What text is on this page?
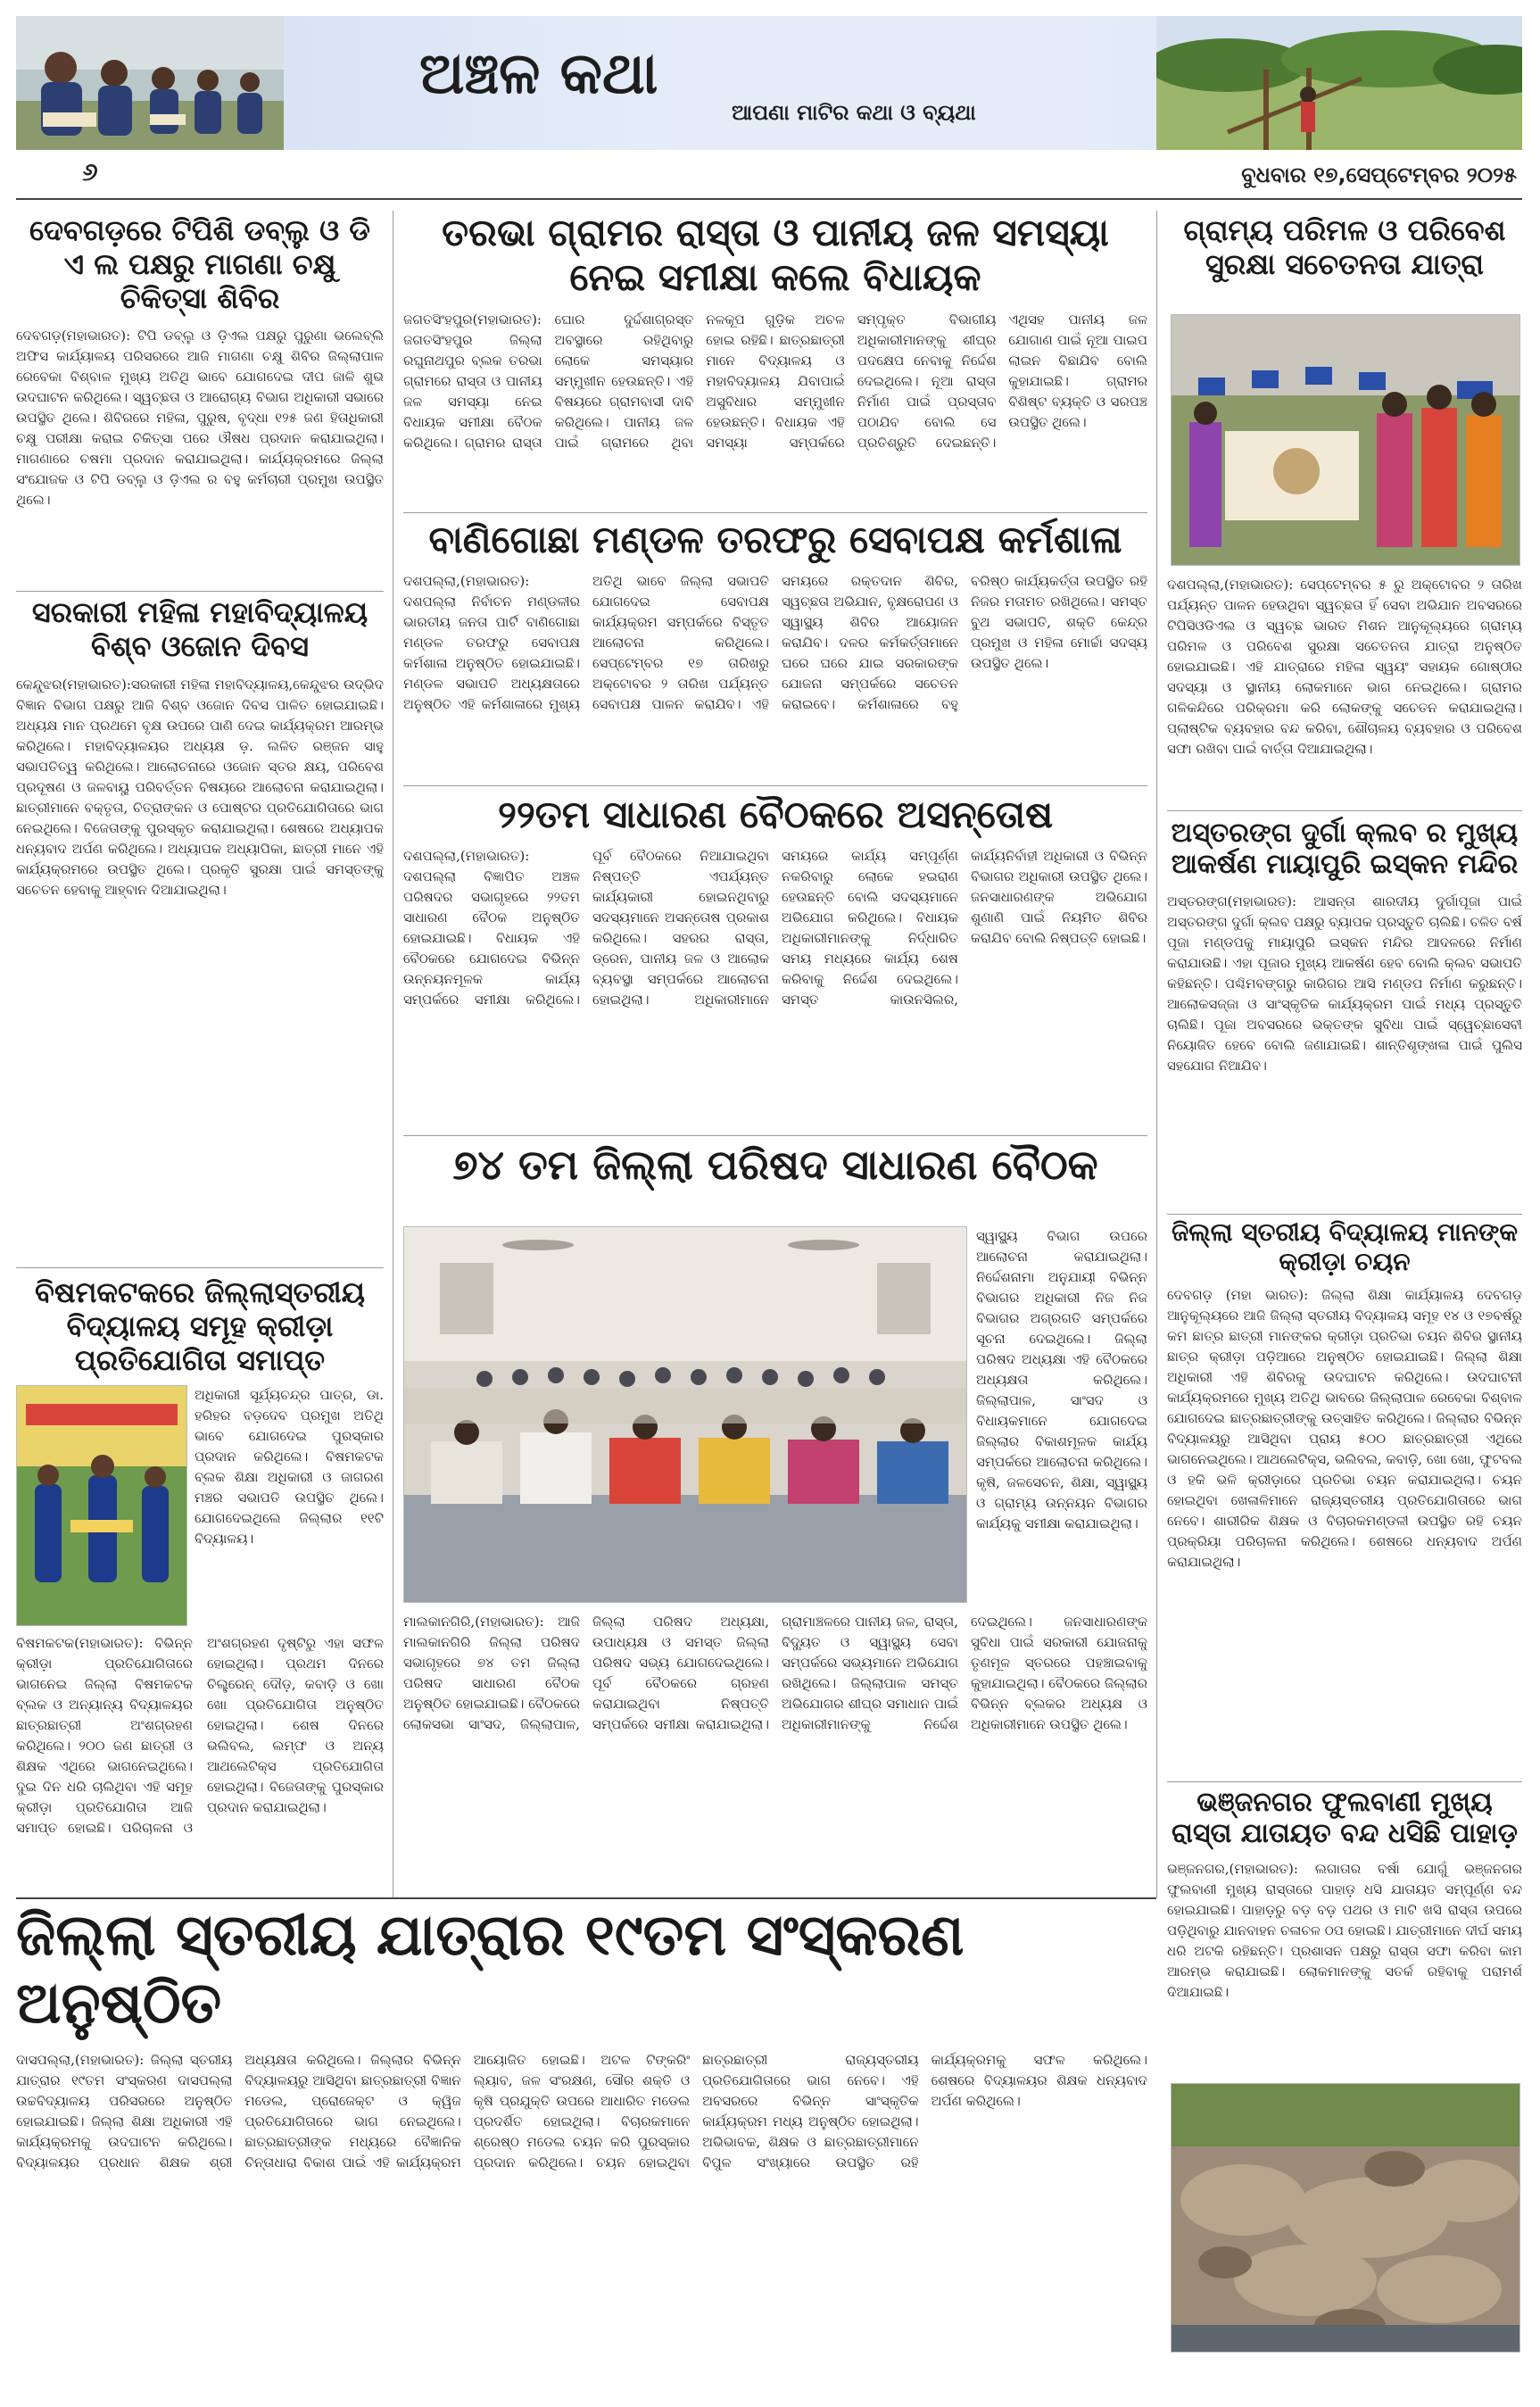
ଅଞ୍ଚଳ କଥା
ଆପଣା ମାଟିର କଥା ଓ ବ୍ୟଥା
୬	ବୁଧବାର ୧୭,ସେପ୍ଟେମ୍ବର ୨୦୨୫
ଦେବଗଡ଼ରେ ଟିପିଶି ଡବ୍ଲୁ ଓ ଡି ଏ ଲ ପକ୍ଷରୁ ମାଗଣା ଚକ୍ଷୁ ଚିକିତ୍ସା ଶିବିର

ଦେବଗଡ଼(ମହାଭାରତ): ଟିପି ଡବ୍ଲୁ ଓ ଡ଼ିଏଲ ପକ୍ଷରୁ ପୁରୁଣା ଭଲେବ୍ଲି ଅଫିସ କାର୍ଯ୍ୟାଳୟ ପରିସରରେ ଆଜି ମାଗଣା ଚକ୍ଷୁ ଶିବିର ଜିଲ୍ଲାପାଳ ରେବେକା ବିଶ୍ବାଳ ମୁଖ୍ୟ ଅତିଥି ଭାବେ ଯୋଗଦେଇ ଦୀପ ଜାଳି ଶୁଭ ଉଦଘାଟନ କରିଥିଲେ। ସ୍ୱଚ୍ଛତା ଓ ଆରୋଗ୍ୟ ବିଭାଗ ଅଧିକାରୀ ସଭାରେ ଉପସ୍ଥିତ ଥିଲେ। ଶିବିରରେ ମହିଳା, ପୁରୁଷ, ବୃଦ୍ଧା ୧୨୫ ଜଣ ହିତାଧିକାରୀ ଚକ୍ଷୁ ପରୀକ୍ଷା କରାଇ ଚିକିତ୍ସା ପରେ ଔଷଧ ପ୍ରଦାନ କରାଯାଇଥିଲା। ମାଗଣାରେ ଚଷମା ପ୍ରଦାନ କରାଯାଇଥିଲା। କାର୍ଯ୍ୟକ୍ରମରେ ଜିଲ୍ଲା ସଂଯୋଜକ ଓ ଟିପି ଡବ୍ଲୁ ଓ ଡ଼ିଏଲ ର ବହୁ କର୍ମଚାରୀ ପ୍ରମୁଖ ଉପସ୍ଥିତ ଥିଲେ।

ସରକାରୀ ମହିଳା ମହାବିଦ୍ୟାଳୟ ବିଶ୍ବ ଓଜୋନ ଦିବସ

କେନ୍ଦୁଝର(ମହାଭାରତ):ସରକାରୀ ମହିଳା ମହାବିଦ୍ୟାଳୟ,କେନ୍ଦୁଝର ଉଦ୍ଭିଦ ବିଜ୍ଞାନ ବିଭାଗ ପକ୍ଷରୁ ଆଜି ବିଶ୍ବ ଓଜୋନ ଦିବସ ପାଳିତ ହୋଇଯାଇଛି। ଅଧ୍ୟକ୍ଷ ମାନ ପ୍ରଥମେ ବୃକ୍ଷ ଉପରେ ପାଣି ଦେଇ କାର୍ଯ୍ୟକ୍ରମ ଆରମ୍ଭ କରିଥିଲେ। ମହାବିଦ୍ୟାଳୟର ଅଧ୍ୟକ୍ଷ ଡ଼. ଲଳିତ ରଞ୍ଜନ ସାହୁ ସଭାପତିତ୍ୱ କରିଥିଲେ। ଆଲୋଚନାରେ ଓଜୋନ ସ୍ତର କ୍ଷୟ, ପରିବେଶ ପ୍ରଦୂଷଣ ଓ ଜଳବାୟୁ ପରିବର୍ତ୍ତନ ବିଷୟରେ ଆଲୋଚନା କରାଯାଇଥିଲା। ଛାତ୍ରୀମାନେ ବକ୍ତୃତା, ଚିତ୍ରାଙ୍କନ ଓ ପୋଷ୍ଟର ପ୍ରତିଯୋଗିତାରେ ଭାଗ ନେଇଥିଲେ। ବିଜେତାଙ୍କୁ ପୁରସ୍କୃତ କରାଯାଇଥିଲା। ଶେଷରେ ଅଧ୍ୟାପକ ଧନ୍ୟବାଦ ଅର୍ପଣ କରିଥିଲେ। ଅଧ୍ୟାପକ ଅଧ୍ୟାପିକା, ଛାତ୍ରୀ ମାନେ ଏହି କାର୍ଯ୍ୟକ୍ରମରେ ଉପସ୍ଥିତ ଥିଲେ। ପ୍ରକୃତି ସୁରକ୍ଷା ପାଇଁ ସମସ୍ତଙ୍କୁ ସଚେତନ ହେବାକୁ ଆହ୍ବାନ ଦିଆଯାଇଥିଲା।

ବିଷମକଟକରେ ଜିଲ୍ଲାସ୍ତରୀୟ ବିଦ୍ୟାଳୟ ସମୂହ କ୍ରୀଡ଼ା ପ୍ରତିଯୋଗିତା ସମାପ୍ତ

ଅଧିକାରୀ ସୂର୍ଯ୍ୟଚନ୍ଦ୍ର ପାତ୍ର, ଡା. ହରିହର ବଡ଼ଦେବ ପ୍ରମୁଖ ଅତିଥି ଭାବେ ଯୋଗଦେଇ ପୁରସ୍କାର ପ୍ରଦାନ କରିଥିଲେ। ବିଷମକଟକ ବ୍ଲକ ଶିକ୍ଷା ଅଧିକାରୀ ଓ ଜାଗରଣ ମଞ୍ଚର ସଭାପତି ଉପସ୍ଥିତ ଥିଲେ। ଯୋଗଦେଇଥିଲେ ଜିଲ୍ଲାର ୧୧ଟି ବିଦ୍ୟାଳୟ।

ବିଷମକଟକ(ମହାଭାରତ): ବିଭିନ୍ନ କ୍ରୀଡ଼ା ପ୍ରତିଯୋଗିତାରେ ଭାଗନେଇ ଜିଲ୍ଲା ବିଷମକଟକ ବ୍ଲକ ଓ ଅନ୍ୟାନ୍ୟ ବିଦ୍ୟାଳୟର ଛାତ୍ରଛାତ୍ରୀ ଅଂଶଗ୍ରହଣ କରିଥିଲେ। ୨୦୦ ଜଣ ଛାତ୍ରୀ ଓ ଶିକ୍ଷକ ଏଥିରେ ଭାଗନେଇଥିଲେ। ଦୁଇ ଦିନ ଧରି ଚାଲିଥିବା ଏହି ସମୂହ କ୍ରୀଡ଼ା ପ୍ରତିଯୋଗିତା ଆଜି ସମାପ୍ତ ହୋଇଛି। ପରିଚାଳନା ଓ ଅଂଶଗ୍ରହଣ ଦୃଷ୍ଟିରୁ ଏହା ସଫଳ ହୋଇଥିଲା। ପ୍ରଥମ ଦିନରେ ଚିଲ୍ଡ୍ରେନ୍ ଦୌଡ଼, କବାଡ଼ି ଓ ଖୋ ଖୋ ପ୍ରତିଯୋଗିତା ଅନୁଷ୍ଠିତ ହୋଇଥିଲା। ଶେଷ ଦିନରେ ଭଲିବଲ, ଲମ୍ଫ ଓ ଅନ୍ୟ ଆଥଲେଟିକ୍ସ ପ୍ରତିଯୋଗିତା ହୋଇଥିଲା। ବିଜେତାଙ୍କୁ ପୁରସ୍କାର ପ୍ରଦାନ କରାଯାଇଥିଲା।

ତରଭା ଗ୍ରାମର ରାସ୍ତା ଓ ପାନୀୟ ଜଳ ସମସ୍ୟା ନେଇ ସମୀକ୍ଷା କଲେ ବିଧାୟକ

ଜଗତସିଂହପୁର(ମହାଭାରତ): ଜଗତସିଂହପୁର ଜିଲ୍ଲା ରଘୁନାଥପୁର ବ୍ଲକ ତରଭା ଗ୍ରାମରେ ରାସ୍ତା ଓ ପାନୀୟ ଜଳ ସମସ୍ୟା ନେଇ ବିଧାୟକ ସମୀକ୍ଷା ବୈଠକ କରିଥିଲେ। ଗ୍ରାମର ରାସ୍ତା ଘୋର ଦୁର୍ଦ୍ଦଶାଗ୍ରସ୍ତ ଅବସ୍ଥାରେ ରହିଥିବାରୁ ଲୋକେ ସମସ୍ୟାର ସମ୍ମୁଖୀନ ହେଉଛନ୍ତି। ଏହି ବିଷୟରେ ଗ୍ରାମବାସୀ ଦାବି କରିଥିଲେ। ପାନୀୟ ଜଳ ପାଇଁ ଗ୍ରାମରେ ଥିବା ନଳକୂପ ଗୁଡ଼ିକ ଅଚଳ ହୋଇ ରହିଛି। ଛାତ୍ରଛାତ୍ରୀ ମାନେ ବିଦ୍ୟାଳୟ ଓ ମହାବିଦ୍ୟାଳୟ ଯିବାପାଇଁ ଅସୁବିଧାର ସମ୍ମୁଖୀନ ହେଉଛନ୍ତି। ବିଧାୟକ ଏହି ସମସ୍ୟା ସମ୍ପର୍କରେ ସମ୍ପୃକ୍ତ ବିଭାଗୀୟ ଅଧିକାରୀମାନଙ୍କୁ ଶୀଘ୍ର ପଦକ୍ଷେପ ନେବାକୁ ନିର୍ଦ୍ଦେଶ ଦେଇଥିଲେ। ନୂଆ ରାସ୍ତା ନିର୍ମାଣ ପାଇଁ ପ୍ରସ୍ତାବ ପଠାଯିବ ବୋଲି ସେ ପ୍ରତିଶ୍ରୁତି ଦେଇଛନ୍ତି। ଏଥିସହ ପାନୀୟ ଜଳ ଯୋଗାଣ ପାଇଁ ନୂଆ ପାଇପ ଲାଇନ ବିଛାଯିବ ବୋଲି କୁହାଯାଇଛି। ଗ୍ରାମର ବିଶିଷ୍ଟ ବ୍ୟକ୍ତି ଓ ସରପଞ୍ଚ ଉପସ୍ଥିତ ଥିଲେ।

ବାଣିଗୋଛା ମଣ୍ଡଳ ତରଫରୁ ସେବାପକ୍ଷ କର୍ମଶାଳା

ଦଶପଲ୍ଲା,(ମହାଭାରତ): ଦଶପଲ୍ଲା ନିର୍ବାଚନ ମଣ୍ଡଳୀର ଭାରତୀୟ ଜନତା ପାର୍ଟି ବାଣିଗୋଛା ମଣ୍ଡଳ ତରଫରୁ ସେବାପକ୍ଷ କର୍ମଶାଳା ଅନୁଷ୍ଠିତ ହୋଇଯାଇଛି। ମଣ୍ଡଳ ସଭାପତି ଅଧ୍ୟକ୍ଷତାରେ ଅନୁଷ୍ଠିତ ଏହି କର୍ମଶାଳାରେ ମୁଖ୍ୟ ଅତିଥି ଭାବେ ଜିଲ୍ଲା ସଭାପତି ଯୋଗଦେଇ ସେବାପକ୍ଷ କାର୍ଯ୍ୟକ୍ରମ ସମ୍ପର୍କରେ ବିସ୍ତୃତ ଆଲୋଚନା କରିଥିଲେ। ସେପ୍ଟେମ୍ବର ୧୭ ତାରିଖରୁ ଅକ୍ଟୋବର ୨ ତାରିଖ ପର୍ଯ୍ୟନ୍ତ ସେବାପକ୍ଷ ପାଳନ କରାଯିବ। ଏହି ସମୟରେ ରକ୍ତଦାନ ଶିବିର, ସ୍ୱଚ୍ଛତା ଅଭିଯାନ, ବୃକ୍ଷରୋପଣ ଓ ସ୍ୱାସ୍ଥ୍ୟ ଶିବିର ଆୟୋଜନ କରାଯିବ। ଦଳର କର୍ମକର୍ତ୍ତାମାନେ ଘରେ ଘରେ ଯାଇ ସରକାରଙ୍କ ଯୋଜନା ସମ୍ପର୍କରେ ସଚେତନ କରାଇବେ। କର୍ମଶାଳାରେ ବହୁ ବରିଷ୍ଠ କାର୍ଯ୍ୟକର୍ତ୍ତା ଉପସ୍ଥିତ ରହି ନିଜର ମତାମତ ରଖିଥିଲେ। ସମସ୍ତ ବୁଥ ସଭାପତି, ଶକ୍ତି କେନ୍ଦ୍ର ପ୍ରମୁଖ ଓ ମହିଳା ମୋର୍ଚ୍ଚା ସଦସ୍ୟ ଉପସ୍ଥିତ ଥିଲେ।

୨୨ତମ ସାଧାରଣ ବୈଠକରେ ଅସନ୍ତୋଷ

ଦଶପଲ୍ଲା,(ମହାଭାରତ): ଦଶପଲ୍ଲା ବିଜ୍ଞାପିତ ଅଞ୍ଚଳ ପରିଷଦର ସଭାଗୃହରେ ୨୨ତମ ସାଧାରଣ ବୈଠକ ଅନୁଷ୍ଠିତ ହୋଇଯାଇଛି। ବିଧାୟକ ଏହି ବୈଠକରେ ଯୋଗଦେଇ ବିଭିନ୍ନ ଉନ୍ନୟନମୂଳକ କାର୍ଯ୍ୟ ସମ୍ପର୍କରେ ସମୀକ୍ଷା କରିଥିଲେ। ପୂର୍ବ ବୈଠକରେ ନିଆଯାଇଥିବା ନିଷ୍ପତ୍ତି ଏପର୍ଯ୍ୟନ୍ତ କାର୍ଯ୍ୟକାରୀ ହୋଇନଥିବାରୁ ସଦସ୍ୟମାନେ ଅସନ୍ତୋଷ ପ୍ରକାଶ କରିଥିଲେ। ସହରର ରାସ୍ତା, ଡ୍ରେନ, ପାନୀୟ ଜଳ ଓ ଆଲୋକ ବ୍ୟବସ୍ଥା ସମ୍ପର୍କରେ ଆଲୋଚନା ହୋଇଥିଲା। ଅଧିକାରୀମାନେ ସମୟରେ କାର୍ଯ୍ୟ ସମ୍ପୂର୍ଣ୍ଣ ନକରିବାରୁ ଲୋକେ ହଇରାଣ ହେଉଛନ୍ତି ବୋଲି ସଦସ୍ୟମାନେ ଅଭିଯୋଗ କରିଥିଲେ। ବିଧାୟକ ଅଧିକାରୀମାନଙ୍କୁ ନିର୍ଦ୍ଧାରିତ ସମୟ ମଧ୍ୟରେ କାର୍ଯ୍ୟ ଶେଷ କରିବାକୁ ନିର୍ଦ୍ଦେଶ ଦେଇଥିଲେ। ସମସ୍ତ କାଉନସିଲର, କାର୍ଯ୍ୟନିର୍ବାହୀ ଅଧିକାରୀ ଓ ବିଭିନ୍ନ ବିଭାଗର ଅଧିକାରୀ ଉପସ୍ଥିତ ଥିଲେ। ଜନସାଧାରଣଙ୍କ ଅଭିଯୋଗ ଶୁଣାଣି ପାଇଁ ନିୟମିତ ଶିବିର କରାଯିବ ବୋଲି ନିଷ୍ପତ୍ତି ହୋଇଛି।

୭୪ ତମ ଜିଲ୍ଲା ପରିଷଦ ସାଧାରଣ ବୈଠକ

ସ୍ୱାସ୍ଥ୍ୟ ବିଭାଗ ଉପରେ ଆଲୋଚନା କରାଯାଇଥିଲା। ନିର୍ଦ୍ଦେଶନାମା ଅନୁଯାୟୀ ବିଭିନ୍ନ ବିଭାଗର ଅଧିକାରୀ ନିଜ ନିଜ ବିଭାଗର ଅଗ୍ରଗତି ସମ୍ପର୍କରେ ସୂଚନା ଦେଇଥିଲେ। ଜିଲ୍ଲା ପରିଷଦ ଅଧ୍ୟକ୍ଷା ଏହି ବୈଠକରେ ଅଧ୍ୟକ୍ଷତା କରିଥିଲେ। ଜିଲ୍ଲାପାଳ, ସାଂସଦ ଓ ବିଧାୟକମାନେ ଯୋଗଦେଇ ଜିଲ୍ଲାର ବିକାଶମୂଳକ କାର୍ଯ୍ୟ ସମ୍ପର୍କରେ ଆଲୋଚନା କରିଥିଲେ। କୃଷି, ଜଳସେଚନ, ଶିକ୍ଷା, ସ୍ୱାସ୍ଥ୍ୟ ଓ ଗ୍ରାମ୍ୟ ଉନ୍ନୟନ ବିଭାଗର କାର୍ଯ୍ୟକୁ ସମୀକ୍ଷା କରାଯାଇଥିଲା।

ମାଲକାନଗିରି,(ମହାଭାରତ): ଆଜି ମାଲକାନଗିରି ଜିଲ୍ଲା ପରିଷଦ ସଭାଗୃହରେ ୭୪ ତମ ଜିଲ୍ଲା ପରିଷଦ ସାଧାରଣ ବୈଠକ ଅନୁଷ୍ଠିତ ହୋଇଯାଇଛି। ବୈଠକରେ ଲୋକସଭା ସାଂସଦ, ଜିଲ୍ଲାପାଳ, ଜିଲ୍ଲା ପରିଷଦ ଅଧ୍ୟକ୍ଷା, ଉପାଧ୍ୟକ୍ଷ ଓ ସମସ୍ତ ଜିଲ୍ଲା ପରିଷଦ ସଭ୍ୟ ଯୋଗଦେଇଥିଲେ। ପୂର୍ବ ବୈଠକରେ ଗ୍ରହଣ କରାଯାଇଥିବା ନିଷ୍ପତ୍ତି ସମ୍ପର୍କରେ ସମୀକ୍ଷା କରାଯାଇଥିଲା। ଗ୍ରାମାଞ୍ଚଳରେ ପାନୀୟ ଜଳ, ରାସ୍ତା, ବିଦ୍ୟୁତ ଓ ସ୍ୱାସ୍ଥ୍ୟ ସେବା ସମ୍ପର୍କରେ ସଭ୍ୟମାନେ ଅଭିଯୋଗ ରଖିଥିଲେ। ଜିଲ୍ଲାପାଳ ସମସ୍ତ ଅଭିଯୋଗର ଶୀଘ୍ର ସମାଧାନ ପାଇଁ ଅଧିକାରୀମାନଙ୍କୁ ନିର୍ଦ୍ଦେଶ ଦେଇଥିଲେ। ଜନସାଧାରଣଙ୍କ ସୁବିଧା ପାଇଁ ସରକାରୀ ଯୋଜନାକୁ ତୃଣମୂଳ ସ୍ତରରେ ପହଞ୍ଚାଇବାକୁ କୁହାଯାଇଥିଲା। ବୈଠକରେ ଜିଲ୍ଲାର ବିଭିନ୍ନ ବ୍ଲକର ଅଧ୍ୟକ୍ଷ ଓ ଅଧିକାରୀମାନେ ଉପସ୍ଥିତ ଥିଲେ।

ଗ୍ରାମ୍ୟ ପରିମଳ ଓ ପରିବେଶ ସୁରକ୍ଷା ସଚେତନତା ଯାତ୍ରା

ଦଶପଲ୍ଲା,(ମହାଭାରତ): ସେପ୍ଟେମ୍ବର ୫ ରୁ ଅକ୍ଟୋବର ୨ ତାରିଖ ପର୍ଯ୍ୟନ୍ତ ପାଳନ ହେଉଥିବା ସ୍ୱଚ୍ଛତା ହିଁ ସେବା ଅଭିଯାନ ଅବସରରେ ଟିପିସିଓଡିଏଲ ଓ ସ୍ୱଚ୍ଛ ଭାରତ ମିଶନ ଆନୁକୂଲ୍ୟରେ ଗ୍ରାମ୍ୟ ପରିମଳ ଓ ପରିବେଶ ସୁରକ୍ଷା ସଚେତନତା ଯାତ୍ରା ଅନୁଷ୍ଠିତ ହୋଇଯାଇଛି। ଏହି ଯାତ୍ରାରେ ମହିଳା ସ୍ୱୟଂ ସହାୟକ ଗୋଷ୍ଠୀର ସଦସ୍ୟା ଓ ସ୍ଥାନୀୟ ଲୋକମାନେ ଭାଗ ନେଇଥିଲେ। ଗ୍ରାମର ଗଳିକନ୍ଦିରେ ପରିକ୍ରମା କରି ଲୋକଙ୍କୁ ସଚେତନ କରାଯାଇଥିଲା। ପ୍ଲାଷ୍ଟିକ ବ୍ୟବହାର ବନ୍ଦ କରିବା, ଶୌଚାଳୟ ବ୍ୟବହାର ଓ ପରିବେଶ ସଫା ରଖିବା ପାଇଁ ବାର୍ତ୍ତା ଦିଆଯାଇଥିଲା।

ଅସ୍ତରଙ୍ଗ ଦୁର୍ଗା କ୍ଲବ ର ମୁଖ୍ୟ ଆକର୍ଷଣ ମାୟାପୁରି ଇସ୍କନ ମନ୍ଦିର

ଅସ୍ତରଙ୍ଗ(ମହାଭାରତ): ଆସନ୍ତା ଶାରଦୀୟ ଦୁର୍ଗାପୂଜା ପାଇଁ ଅସ୍ତରଙ୍ଗ ଦୁର୍ଗା କ୍ଲବ ପକ୍ଷରୁ ବ୍ୟାପକ ପ୍ରସ୍ତୁତି ଚାଲିଛି। ଚଳିତ ବର୍ଷ ପୂଜା ମଣ୍ଡପକୁ ମାୟାପୁରି ଇସ୍କନ ମନ୍ଦିର ଆଦଳରେ ନିର୍ମାଣ କରାଯାଉଛି। ଏହା ପୂଜାର ମୁଖ୍ୟ ଆକର୍ଷଣ ହେବ ବୋଲି କ୍ଲବ ସଭାପତି କହିଛନ୍ତି। ପଶ୍ଚିମବଙ୍ଗରୁ କାରିଗର ଆସି ମଣ୍ଡପ ନିର୍ମାଣ କରୁଛନ୍ତି। ଆଲୋକସଜ୍ଜା ଓ ସାଂସ୍କୃତିକ କାର୍ଯ୍ୟକ୍ରମ ପାଇଁ ମଧ୍ୟ ପ୍ରସ୍ତୁତି ଚାଲିଛି। ପୂଜା ଅବସରରେ ଭକ୍ତଙ୍କ ସୁବିଧା ପାଇଁ ସ୍ୱେଚ୍ଛାସେବୀ ନିୟୋଜିତ ହେବେ ବୋଲି ଜଣାଯାଇଛି। ଶାନ୍ତିଶୃଙ୍ଖଳା ପାଇଁ ପୁଲିସ ସହଯୋଗ ନିଆଯିବ।

ଜିଲ୍ଲା ସ୍ତରୀୟ ବିଦ୍ୟାଳୟ ମାନଙ୍କ କ୍ରୀଡ଼ା ଚୟନ

ଦେବଗଡ଼ (ମହା ଭାରତ): ଜିଲ୍ଲା ଶିକ୍ଷା କାର୍ଯ୍ୟାଳୟ ଦେବଗଡ଼ ଆନୁକୂଲ୍ୟରେ ଆଜି ଜିଲ୍ଲା ସ୍ତରୀୟ ବିଦ୍ୟାଳୟ ସମୂହ ୧୪ ଓ ୧୭ବର୍ଷରୁ କମ ଛାତ୍ର ଛାତ୍ରୀ ମାନଙ୍କର କ୍ରୀଡ଼ା ପ୍ରତିଭା ଚୟନ ଶିବିର ସ୍ଥାନୀୟ ଛାତ୍ର କ୍ରୀଡ଼ା ପଡ଼ିଆରେ ଅନୁଷ୍ଠିତ ହୋଇଯାଇଛି। ଜିଲ୍ଲା ଶିକ୍ଷା ଅଧିକାରୀ ଏହି ଶିବିରକୁ ଉଦଘାଟନ କରିଥିଲେ। ଉଦଘାଟନୀ କାର୍ଯ୍ୟକ୍ରମରେ ମୁଖ୍ୟ ଅତିଥି ଭାବରେ ଜିଲ୍ଲାପାଳ ରେବେକା ବିଶ୍ବାଳ ଯୋଗଦେଇ ଛାତ୍ରଛାତ୍ରୀଙ୍କୁ ଉତ୍ସାହିତ କରିଥିଲେ। ଜିଲ୍ଲାର ବିଭିନ୍ନ ବିଦ୍ୟାଳୟରୁ ଆସିଥିବା ପ୍ରାୟ ୫୦୦ ଛାତ୍ରଛାତ୍ରୀ ଏଥିରେ ଭାଗନେଇଥିଲେ। ଆଥଲେଟିକ୍ସ, ଭଲିବଲ, କବାଡ଼ି, ଖୋ ଖୋ, ଫୁଟବଲ ଓ ହକି ଭଳି କ୍ରୀଡ଼ାରେ ପ୍ରତିଭା ଚୟନ କରାଯାଇଥିଲା। ଚୟନ ହୋଇଥିବା ଖେଳାଳିମାନେ ରାଜ୍ୟସ୍ତରୀୟ ପ୍ରତିଯୋଗିତାରେ ଭାଗ ନେବେ। ଶାରୀରିକ ଶିକ୍ଷକ ଓ ବିଚାରକମଣ୍ଡଳୀ ଉପସ୍ଥିତ ରହି ଚୟନ ପ୍ରକ୍ରିୟା ପରିଚାଳନା କରିଥିଲେ। ଶେଷରେ ଧନ୍ୟବାଦ ଅର୍ପଣ କରାଯାଇଥିଲା।

ଭଞ୍ଜନଗର ଫୁଲବାଣୀ ମୁଖ୍ୟ ରାସ୍ତା ଯାତାୟତ ବନ୍ଦ ଧସିଛି ପାହାଡ଼

ଭଞ୍ଜନଗର,(ମହାଭାରତ): ଲଗାତାର ବର୍ଷା ଯୋଗୁଁ ଭଞ୍ଜନଗର ଫୁଲବାଣୀ ମୁଖ୍ୟ ରାସ୍ତାରେ ପାହାଡ଼ ଧସି ଯାତାୟତ ସମ୍ପୂର୍ଣ୍ଣ ବନ୍ଦ ହୋଇଯାଇଛି। ପାହାଡ଼ରୁ ବଡ଼ ବଡ଼ ପଥର ଓ ମାଟି ଖସି ରାସ୍ତା ଉପରେ ପଡ଼ିଥିବାରୁ ଯାନବାହନ ଚଳାଚଳ ଠପ ହୋଇଛି। ଯାତ୍ରୀମାନେ ଦୀର୍ଘ ସମୟ ଧରି ଅଟକି ରହିଛନ୍ତି। ପ୍ରଶାସନ ପକ୍ଷରୁ ରାସ୍ତା ସଫା କରିବା କାମ ଆରମ୍ଭ କରାଯାଇଛି। ଲୋକମାନଙ୍କୁ ସତର୍କ ରହିବାକୁ ପରାମର୍ଶ ଦିଆଯାଇଛି।

ଜିଲ୍ଲା ସ୍ତରୀୟ ଯାତ୍ରାର ୧୯ତମ ସଂସ୍କରଣ ଅନୁଷ୍ଠିତ

ଦାସପଲ୍ଲା,(ମହାଭାରତ): ଜିଲ୍ଲା ସ୍ତରୀୟ ଯାତ୍ରାର ୧୯ତମ ସଂସ୍କରଣ ଦାସପଲ୍ଲା ଉଚ୍ଚବିଦ୍ୟାଳୟ ପରିସରରେ ଅନୁଷ୍ଠିତ ହୋଇଯାଇଛି। ଜିଲ୍ଲା ଶିକ୍ଷା ଅଧିକାରୀ ଏହି କାର୍ଯ୍ୟକ୍ରମକୁ ଉଦଘାଟନ କରିଥିଲେ। ବିଦ୍ୟାଳୟର ପ୍ରଧାନ ଶିକ୍ଷକ ଶ୍ରୀ ଅଧ୍ୟକ୍ଷତା କରିଥିଲେ। ଜିଲ୍ଲାର ବିଭିନ୍ନ ବିଦ୍ୟାଳୟରୁ ଆସିଥିବା ଛାତ୍ରଛାତ୍ରୀ ବିଜ୍ଞାନ ମଡେଲ, ପ୍ରୋଜେକ୍ଟ ଓ କ୍ୱିଜ ପ୍ରତିଯୋଗିତାରେ ଭାଗ ନେଇଥିଲେ। ଛାତ୍ରଛାତ୍ରୀଙ୍କ ମଧ୍ୟରେ ବୈଜ୍ଞାନିକ ଚିନ୍ତାଧାରା ବିକାଶ ପାଇଁ ଏହି କାର୍ଯ୍ୟକ୍ରମ ଆୟୋଜିତ ହୋଇଛି। ଅଟଳ ଟିଙ୍କରିଂ ଲ୍ୟାବ, ଜଳ ସଂରକ୍ଷଣ, ସୌର ଶକ୍ତି ଓ କୃଷି ପ୍ରଯୁକ୍ତି ଉପରେ ଆଧାରିତ ମଡେଲ ପ୍ରଦର୍ଶିତ ହୋଇଥିଲା। ବିଚାରକମାନେ ଶ୍ରେଷ୍ଠ ମଡେଲ ଚୟନ କରି ପୁରସ୍କାର ପ୍ରଦାନ କରିଥିଲେ। ଚୟନ ହୋଇଥିବା ଛାତ୍ରଛାତ୍ରୀ ରାଜ୍ୟସ୍ତରୀୟ ପ୍ରତିଯୋଗିତାରେ ଭାଗ ନେବେ। ଏହି ଅବସରରେ ବିଭିନ୍ନ ସାଂସ୍କୃତିକ କାର୍ଯ୍ୟକ୍ରମ ମଧ୍ୟ ଅନୁଷ୍ଠିତ ହୋଇଥିଲା। ଅଭିଭାବକ, ଶିକ୍ଷକ ଓ ଛାତ୍ରଛାତ୍ରୀମାନେ ବିପୁଳ ସଂଖ୍ୟାରେ ଉପସ୍ଥିତ ରହି କାର୍ଯ୍ୟକ୍ରମକୁ ସଫଳ କରିଥିଲେ। ଶେଷରେ ବିଦ୍ୟାଳୟର ଶିକ୍ଷକ ଧନ୍ୟବାଦ ଅର୍ପଣ କରିଥିଲେ।
